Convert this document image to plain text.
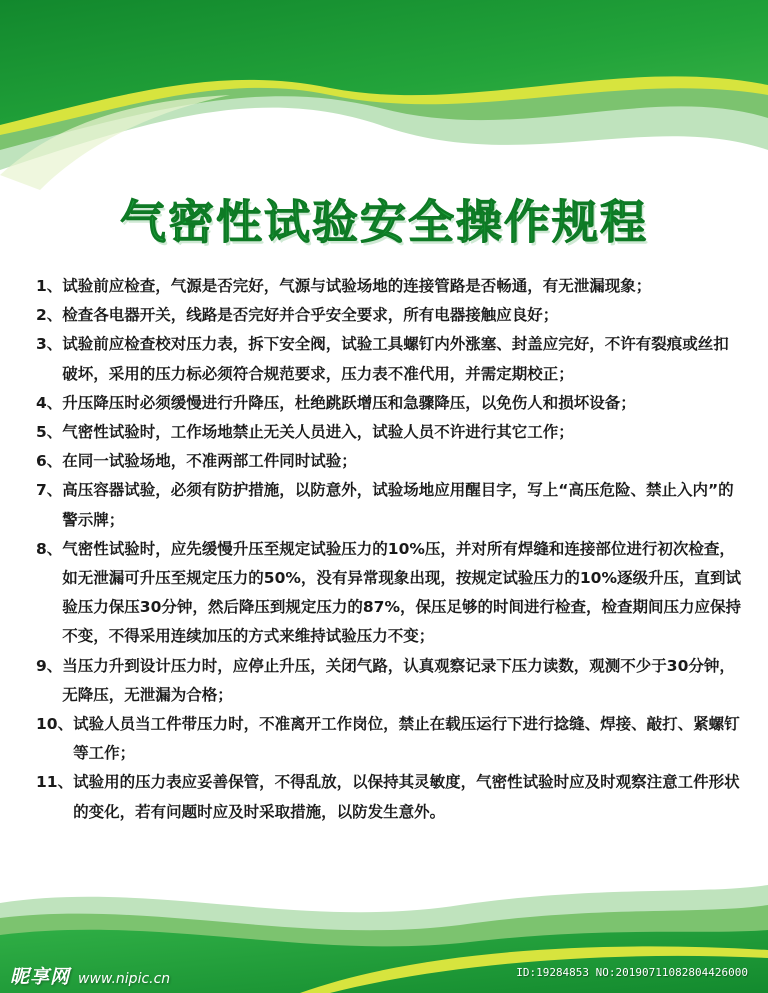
气密性试验安全操作规程
1、 试验前应检查，气源是否完好，气源与试验场地的连接管路是否畅通，有无泄漏现象；
2、 检查各电器开关，线路是否完好并合乎安全要求，所有电器接触应良好；
3、 试验前应检查校对压力表，拆下安全阀，试验工具螺钉内外涨塞、封盖应完好，不许有裂痕或丝扣破坏，采用的压力标必须符合规范要求，压力表不准代用，并需定期校正；
4、 升压降压时必须缓慢进行升降压，杜绝跳跃增压和急骤降压，以免伤人和损坏设备；
5、 气密性试验时，工作场地禁止无关人员进入，试验人员不许进行其它工作；
6、 在同一试验场地，不准两部工件同时试验；
7、 高压容器试验，必须有防护措施，以防意外，试验场地应用醒目字，写上“高压危险、禁止入内”的警示牌；
8、 气密性试验时，应先缓慢升压至规定试验压力的10%压，并对所有焊缝和连接部位进行初次检查，如无泄漏可升压至规定压力的50%，没有异常现象出现，按规定试验压力的10%逐级升压，直到试验压力保压30分钟，然后降压到规定压力的87%，保压足够的时间进行检查，检查期间压力应保持不变，不得采用连续加压的方式来维持试验压力不变；
9、 当压力升到设计压力时，应停止升压，关闭气路，认真观察记录下压力读数，观测不少于30分钟，无降压，无泄漏为合格；
10、 试验人员当工件带压力时，不准离开工作岗位，禁止在载压运行下进行捻缝、焊接、敲打、紧螺钉等工作；
11、 试验用的压力表应妥善保管，不得乱放，以保持其灵敏度，气密性试验时应及时观察注意工件形状的变化，若有问题时应及时采取措施，以防发生意外。
昵享网 www.nipic.cn	ID:19284853 NO:20190711082804426000
